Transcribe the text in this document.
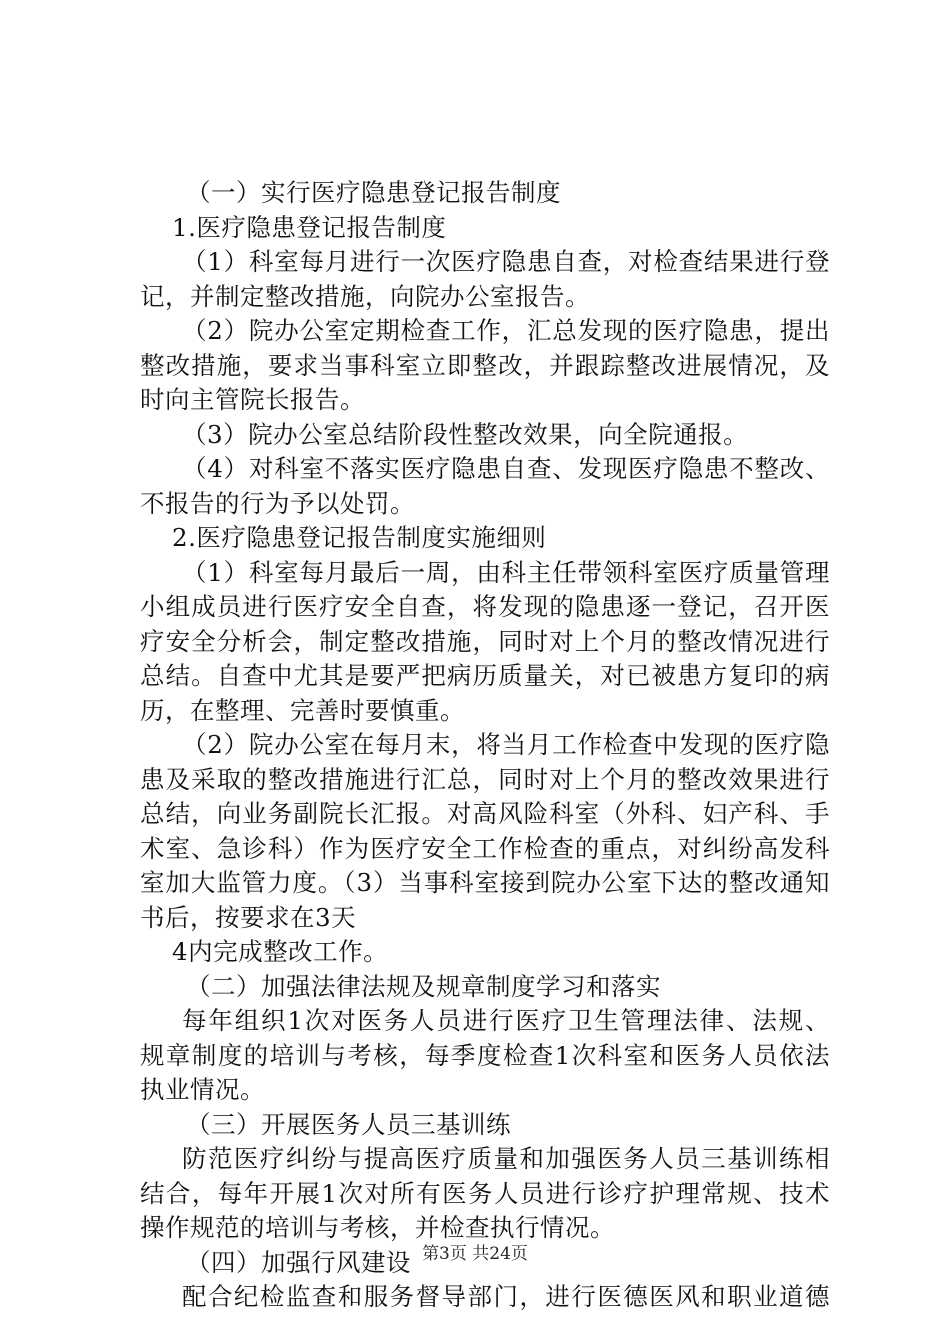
（一）实行医疗隐患登记报告制度
1.医疗隐患登记报告制度
（1）科室每月进行一次医疗隐患自查，对检查结果进行登
记，并制定整改措施，向院办公室报告。
（2）院办公室定期检查工作，汇总发现的医疗隐患，提出
整改措施，要求当事科室立即整改，并跟踪整改进展情况，及
时向主管院长报告。
（3）院办公室总结阶段性整改效果，向全院通报。
（4）对科室不落实医疗隐患自查、发现医疗隐患不整改、
不报告的行为予以处罚。
2.医疗隐患登记报告制度实施细则
（1）科室每月最后一周，由科主任带领科室医疗质量管理
小组成员进行医疗安全自查，将发现的隐患逐一登记，召开医
疗安全分析会，制定整改措施，同时对上个月的整改情况进行
总结。自查中尤其是要严把病历质量关，对已被患方复印的病
历，在整理、完善时要慎重。
（2）院办公室在每月末，将当月工作检查中发现的医疗隐
患及采取的整改措施进行汇总，同时对上个月的整改效果进行
总结，向业务副院长汇报。对高风险科室（外科、妇产科、手
术室、急诊科）作为医疗安全工作检查的重点，对纠纷高发科
室加大监管力度。（3）当事科室接到院办公室下达的整改通知
书后，按要求在3天
4内完成整改工作。
（二）加强法律法规及规章制度学习和落实
每年组织1次对医务人员进行医疗卫生管理法律、法规、
规章制度的培训与考核，每季度检查1次科室和医务人员依法
执业情况。
（三）开展医务人员三基训练
防范医疗纠纷与提高医疗质量和加强医务人员三基训练相
结合，每年开展1次对所有医务人员进行诊疗护理常规、技术
操作规范的培训与考核，并检查执行情况。
（四）加强行风建设
配合纪检监查和服务督导部门，进行医德医风和职业道德
第3页 共24页
